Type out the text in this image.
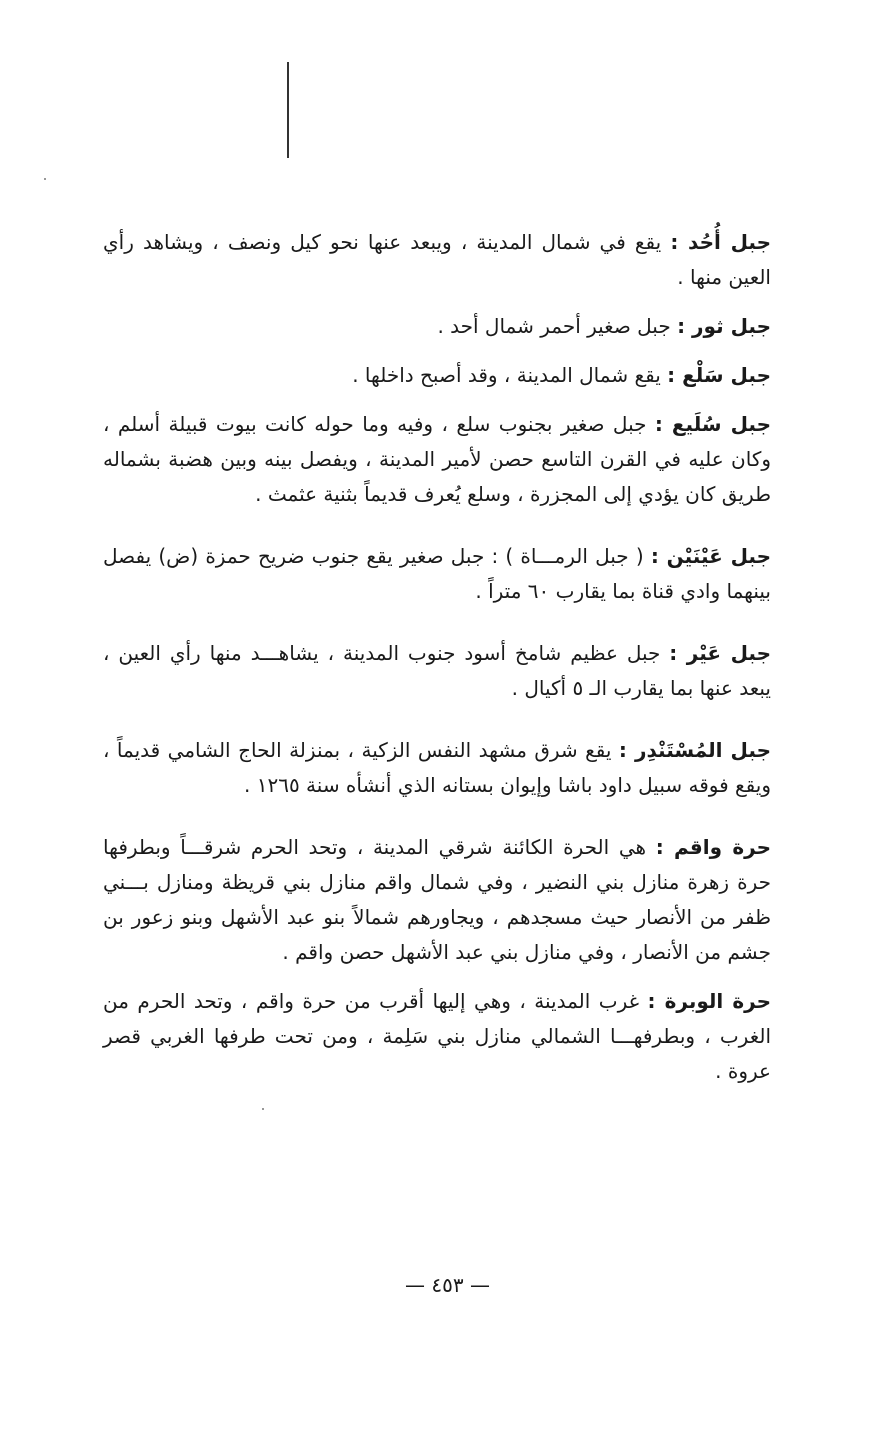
جبل أُحُد : يقع في شمال المدينة ، ويبعد عنها نحو كيل ونصف ، ويشاهد رأي العين منها .

جبل ثور : جبل صغير أحمر شمال أحد .

جبل سَلْع : يقع شمال المدينة ، وقد أصبح داخلها .

جبل سُلَيع : جبل صغير بجنوب سلع ، وفيه وما حوله كانت بيوت قبيلة أسلم ، وكان عليه في القرن التاسع حصن لأمير المدينة ، ويفصل بينه وبين هضبة بشماله طريق كان يؤدي إلى المجزرة ، وسلع يُعرف قديماً بثنية عثمث .

جبل عَيْنَيْن : ( جبل الرمـــاة ) : جبل صغير يقع جنوب ضريح حمزة (ض) يفصل بينهما وادي قناة بما يقارب ٦٠ متراً .

جبل عَيْر : جبل عظيم شامخ أسود جنوب المدينة ، يشاهـــد منها رأي العين ، يبعد عنها بما يقارب الـ ٥ أكيال .

جبل المُسْتَنْدِر : يقع شرق مشهد النفس الزكية ، بمنزلة الحاج الشامي قديماً ، ويقع فوقه سبيل داود باشا وإيوان بستانه الذي أنشأه سنة ١٢٦٥ .

حرة واقم : هي الحرة الكائنة شرقي المدينة ، وتحد الحرم شرقـــاً وبطرفها حرة زهرة منازل بني النضير ، وفي شمال واقم منازل بني قريظة ومنازل بـــني ظفر من الأنصار حيث مسجدهم ، ويجاورهم شمالاً بنو عبد الأشهل وبنو زعور بن جشم من الأنصار ، وفي منازل بني عبد الأشهل حصن واقم .

حرة الوبرة : غرب المدينة ، وهي إليها أقرب من حرة واقم ، وتحد الحرم من الغرب ، وبطرفهـــا الشمالي منازل بني سَلِمة ، ومن تحت طرفها الغربي قصر عروة .

— ٤٥٣ —
